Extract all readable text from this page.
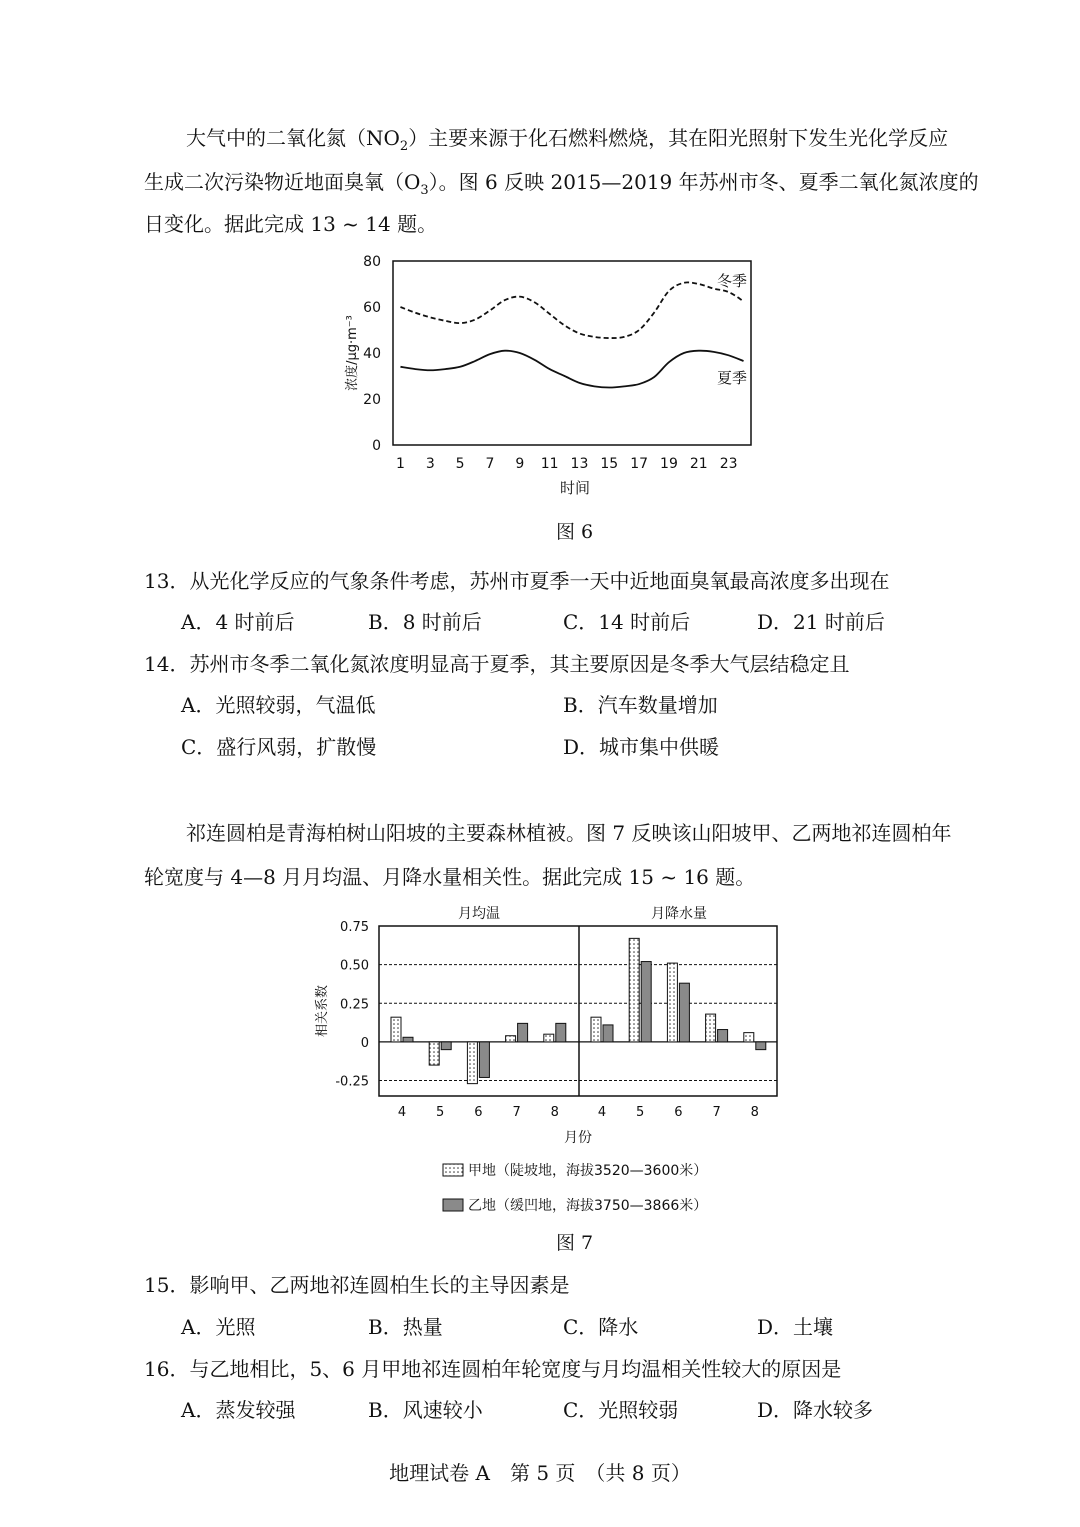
大气中的二氧化氮$(NO_2)$主要来源于化石燃料燃烧，其在阳光照射下发生光化学反应
生成二次污染物近地面臭氧$(O_3)$。图 6 反映 2015—2019 年苏州市冬、夏季二氧化氮浓度的
日变化。据此完成 13 ~ 14 题。
0
20
40
60
80
1 3 5 7 9 11 13 15 17 19 21 23
浓度/μg·m⁻³
时间
冬季
夏季
图 6
13．从光化学反应的气象条件考虑，苏州市夏季一天中近地面臭氧最高浓度多出现在
A．4 时前后	B．8 时前后	C．14 时前后	D．21 时前后
14．苏州市冬季二氧化氮浓度明显高于夏季，其主要原因是冬季大气层结稳定且
A．光照较弱，气温低	B．汽车数量增加
C．盛行风弱，扩散慢	D．城市集中供暖
祁连圆柏是青海柏树山阳坡的主要森林植被。图 7 反映该山阳坡甲、乙两地祁连圆柏年
轮宽度与 4—8 月月均温、月降水量相关性。据此完成 15 ~ 16 题。
0.75
0.50
0.25
0
-0.25
4 5 6 7 8	4 5 6 7 8
月均温	月降水量
相关系数
月份
甲地（陡坡地，海拔3520—3600米）
乙地（缓凹地，海拔3750—3866米）
图 7
15．影响甲、乙两地祁连圆柏生长的主导因素是
A．光照	B．热量	C．降水	D．土壤
16．与乙地相比，5、6 月甲地祁连圆柏年轮宽度与月均温相关性较大的原因是
A．蒸发较强	B．风速较小	C．光照较弱	D．降水较多
地理试卷 A　第 5 页　（共 8 页）
